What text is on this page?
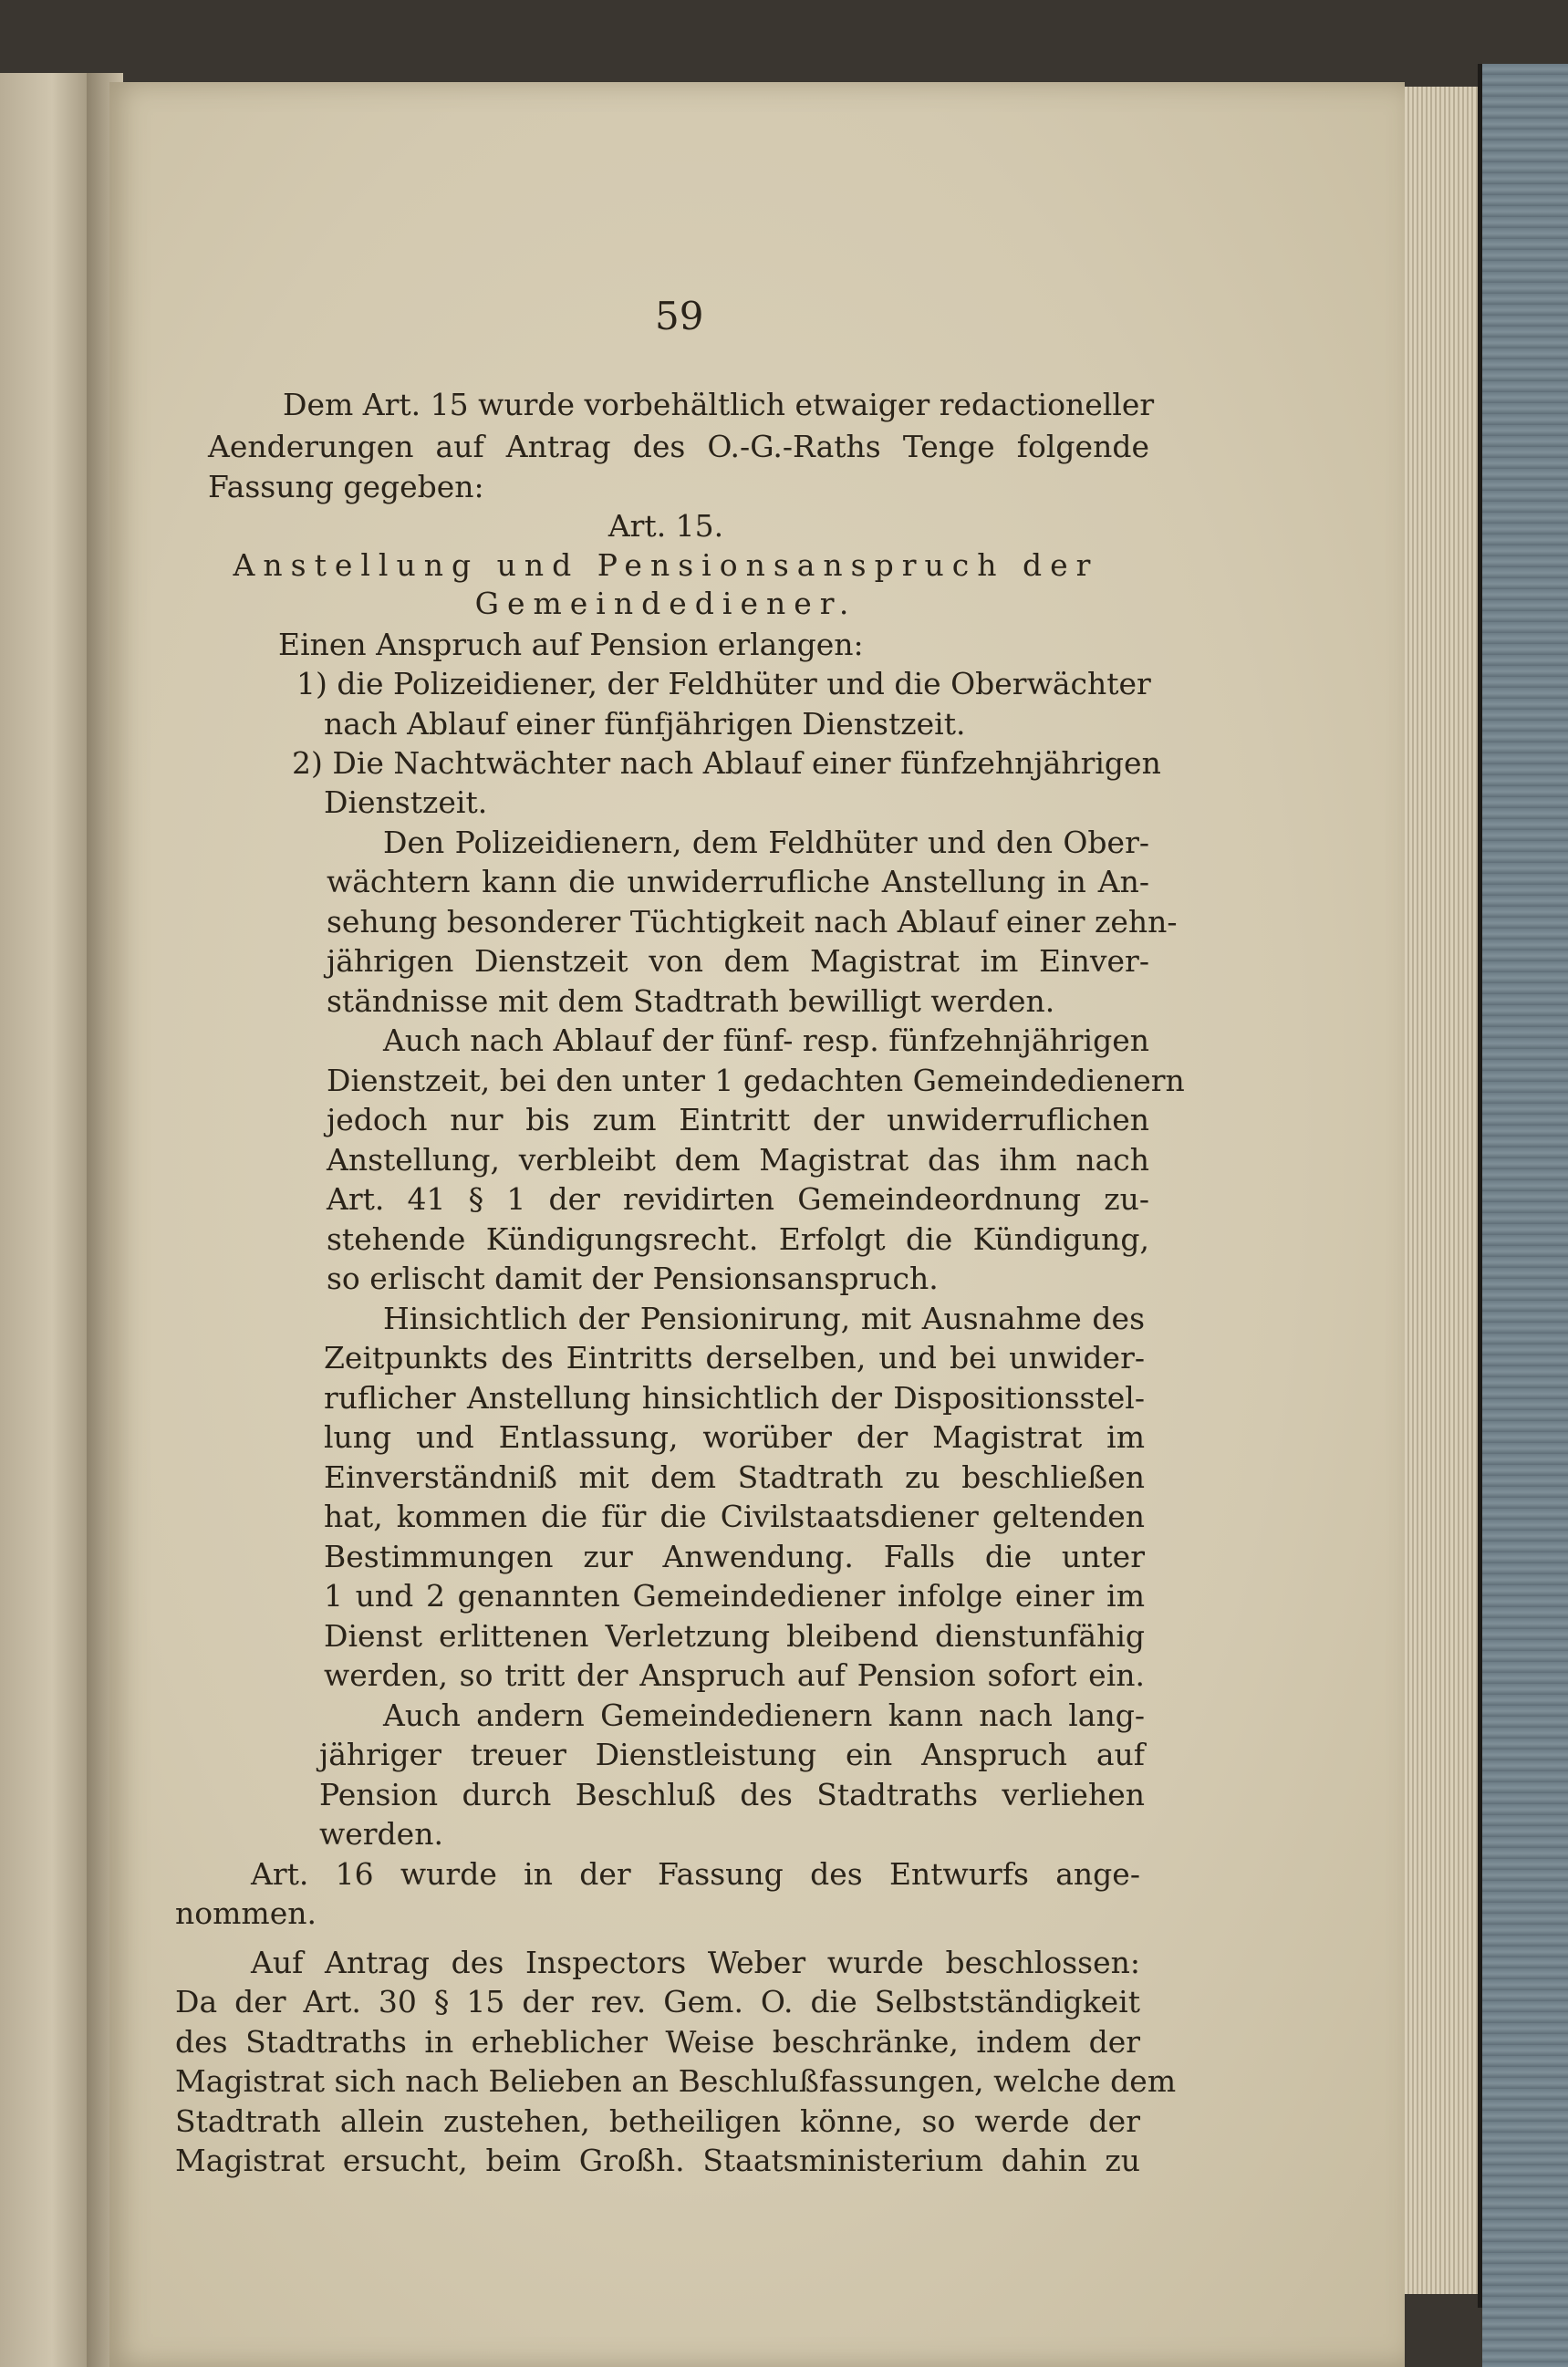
59
Dem Art. 15 wurde vorbehältlich etwaiger redactioneller
Aenderungen auf Antrag des O.-G.-Raths Tenge folgende
Fassung gegeben:
Art. 15.
Anstellung und Pensionsanspruch der
Gemeindediener.
Einen Anspruch auf Pension erlangen:
1) die Polizeidiener, der Feldhüter und die Oberwächter
nach Ablauf einer fünfjährigen Dienstzeit.
2) Die Nachtwächter nach Ablauf einer fünfzehnjährigen
Dienstzeit.
Den Polizeidienern, dem Feldhüter und den Ober-
wächtern kann die unwiderrufliche Anstellung in An-
sehung besonderer Tüchtigkeit nach Ablauf einer zehn-
jährigen Dienstzeit von dem Magistrat im Einver-
ständnisse mit dem Stadtrath bewilligt werden.
Auch nach Ablauf der fünf- resp. fünfzehnjährigen
Dienstzeit, bei den unter 1 gedachten Gemeindedienern
jedoch nur bis zum Eintritt der unwiderruflichen
Anstellung, verbleibt dem Magistrat das ihm nach
Art. 41 § 1 der revidirten Gemeindeordnung zu-
stehende Kündigungsrecht. Erfolgt die Kündigung,
so erlischt damit der Pensionsanspruch.
Hinsichtlich der Pensionirung, mit Ausnahme des
Zeitpunkts des Eintritts derselben, und bei unwider-
ruflicher Anstellung hinsichtlich der Dispositionsstel-
lung und Entlassung, worüber der Magistrat im
Einverständniß mit dem Stadtrath zu beschließen
hat, kommen die für die Civilstaatsdiener geltenden
Bestimmungen zur Anwendung. Falls die unter
1 und 2 genannten Gemeindediener infolge einer im
Dienst erlittenen Verletzung bleibend dienstunfähig
werden, so tritt der Anspruch auf Pension sofort ein.
Auch andern Gemeindedienern kann nach lang-
jähriger treuer Dienstleistung ein Anspruch auf
Pension durch Beschluß des Stadtraths verliehen
werden.
Art. 16 wurde in der Fassung des Entwurfs ange-
nommen.
Auf Antrag des Inspectors Weber wurde beschlossen:
Da der Art. 30 § 15 der rev. Gem. O. die Selbstständigkeit
des Stadtraths in erheblicher Weise beschränke, indem der
Magistrat sich nach Belieben an Beschlußfassungen, welche dem
Stadtrath allein zustehen, betheiligen könne, so werde der
Magistrat ersucht, beim Großh. Staatsministerium dahin zu
